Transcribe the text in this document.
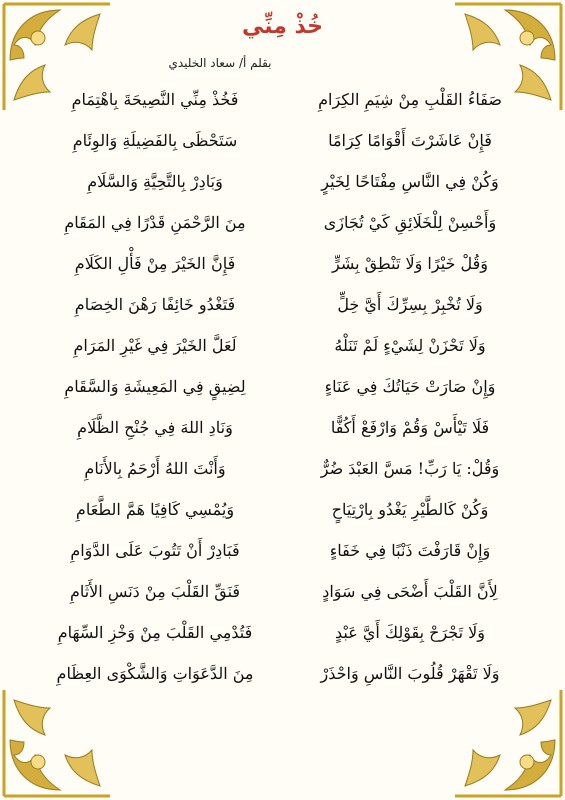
خُذْ مِنِّي
بقلم أ/ سعاد الخليدي
صَفَاءُ القَلْبِ مِنْ شِيَمِ الكِرَامِ
فَخُذْ مِنِّي النَّصِيحَةَ بِاهْتِمَامِ
فَإِنْ عَاشَرْتَ أَقْوَامًا كِرَامًا
سَتَحْظَى بِالفَضِيلَةِ وَالوِئَامِ
وَكُنْ فِي النَّاسِ مِفْتَاحًا لِخَيْرٍ
وَبَادِرْ بِالتَّحِيَّةِ وَالسَّلَامِ
وَأَحْسِنْ لِلْخَلَائِقِ كَيْ تُجَازَى
مِنَ الرَّحْمَنِ قَدْرًا فِي المَقَامِ
وَقُلْ خَيْرًا وَلَا تَنْطِقْ بِشَرٍّ
فَإِنَّ الخَيْرَ مِنْ فَأْلِ الكَلَامِ
وَلَا تُخْبِرْ بِسِرِّكَ أَيَّ خِلٍّ
فَتَغْدُو خَائِفًا رَهْنَ الخِصَامِ
وَلَا تَحْزَنْ لِشَيْءٍ لَمْ تَنَلْهُ
لَعَلَّ الخَيْرَ فِي غَيْرِ المَرَامِ
وَإِنْ صَارَتْ حَيَاتُكَ فِي عَنَاءٍ
لِضِيقٍ فِي المَعِيشَةِ وَالسَّقَامِ
فَلَا تَيْأَسْ وَقُمْ وَارْفَعْ أَكُفًّا
وَنَادِ اللهَ فِي جُنْحِ الظَّلَامِ
وَقُلْ: يَا رَبِّ! مَسَّ العَبْدَ ضُرٌّ
وَأَنْتَ اللهُ أَرْحَمُ بِالأَنَامِ
وَكُنْ كَالطَّيْرِ يَغْدُو بِارْتِيَاحٍ
وَيُمْسِي كَافِيًا هَمَّ الطَّعَامِ
وَإِنْ قَارَفْتَ ذَنْبًا فِي خَفَاءٍ
فَبَادِرْ أَنْ تَتُوبَ عَلَى الدَّوَامِ
لِأَنَّ القَلْبَ أَضْحَى فِي سَوَادٍ
فَنَقِّ القَلْبَ مِنْ دَنَسِ الأَثَامِ
وَلَا تَجْرَحْ بِقَوْلِكَ أَيَّ عَبْدٍ
فَتُدْمِي القَلْبَ مِنْ وَخْزِ السِّهَامِ
وَلَا تَقْهَرْ قُلُوبَ النَّاسِ وَاحْذَرْ
مِنَ الدَّعَوَاتِ وَالشَّكْوَى العِظَامِ
